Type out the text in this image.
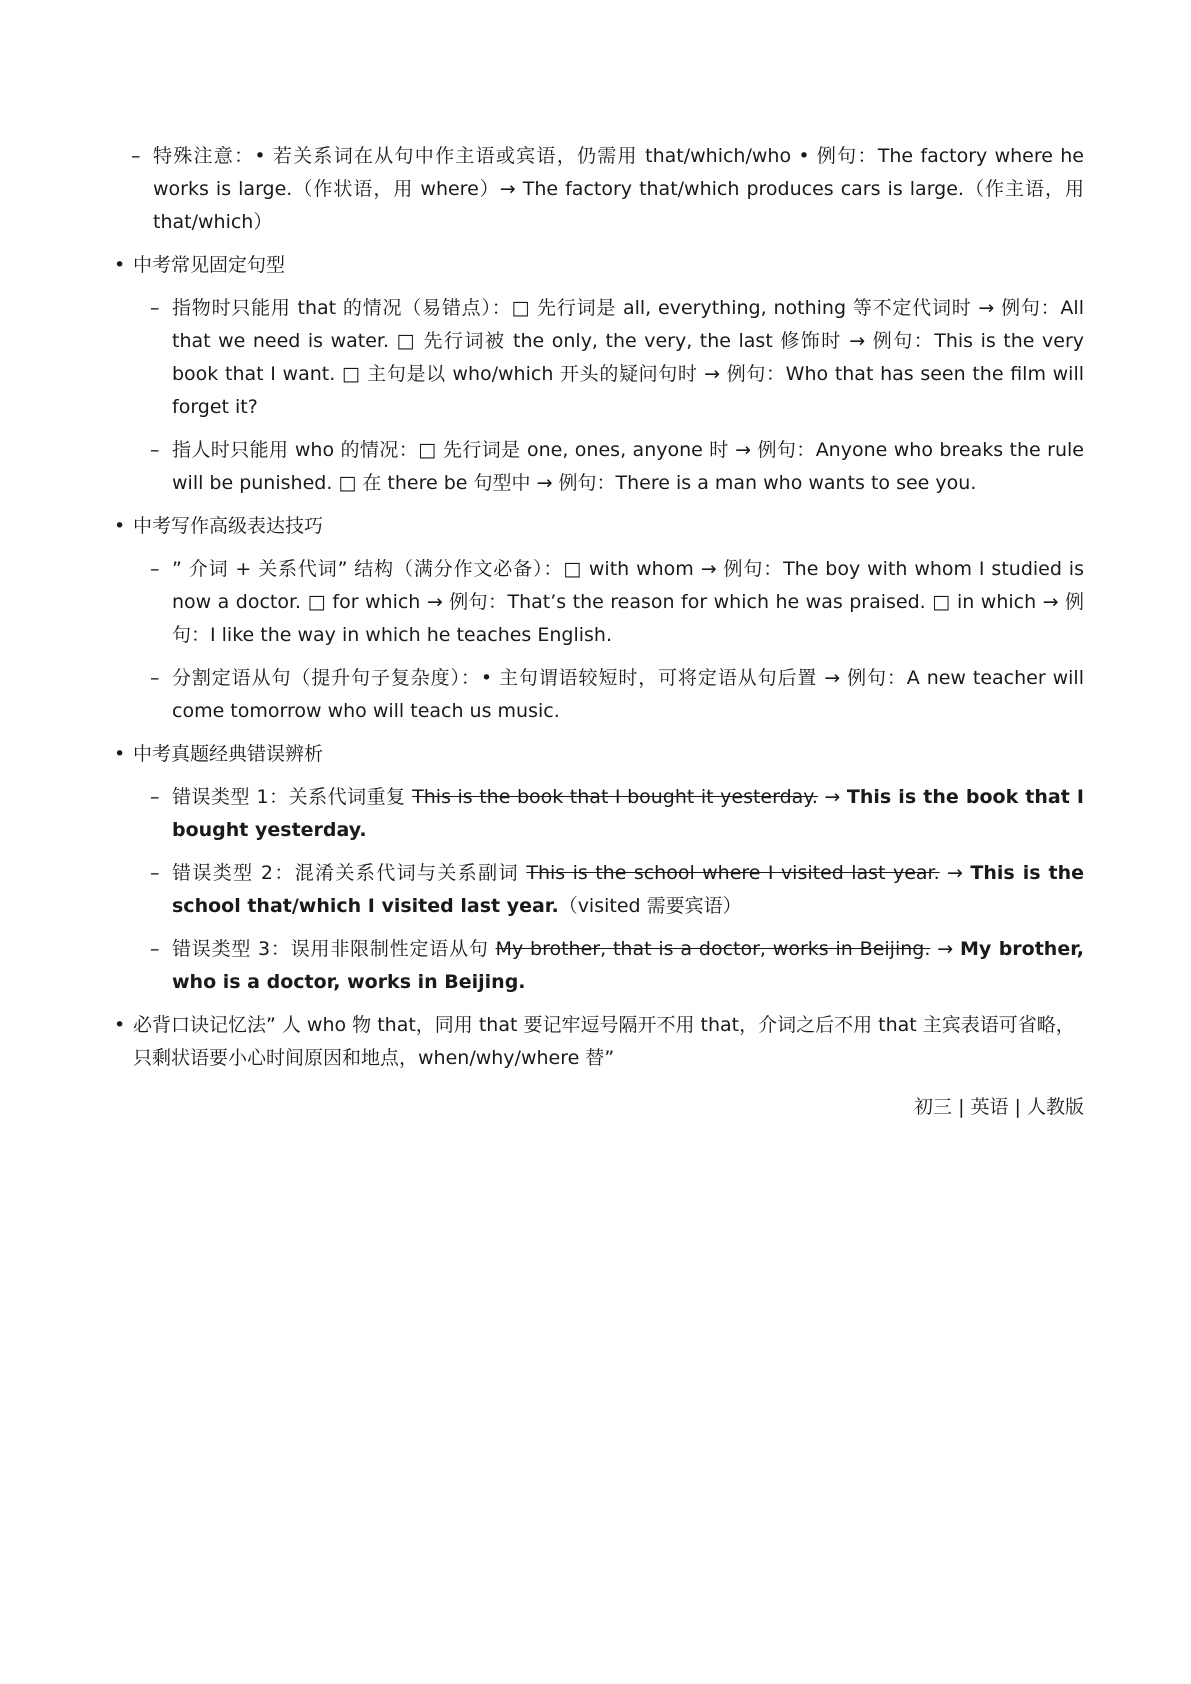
– 特殊注意：• 若关系词在从句中作主语或宾语，仍需用 that/which/who • 例句：The factory where he works is large.（作状语，用 where）→ The factory that/which produces cars is large.（作主语，用 that/which）
• 中考常见固定句型
– 指物时只能用 that 的情况（易错点）：□ 先行词是 all, everything, nothing 等不定代词时 → 例句：All that we need is water. □ 先行词被 the only, the very, the last 修饰时 → 例句：This is the very book that I want. □ 主句是以 who/which 开头的疑问句时 → 例句：Who that has seen the film will forget it?
– 指人时只能用 who 的情况：□ 先行词是 one, ones, anyone 时 → 例句：Anyone who breaks the rule will be punished. □ 在 there be 句型中 → 例句：There is a man who wants to see you.
• 中考写作高级表达技巧
– ” 介词 + 关系代词” 结构（满分作文必备）：□ with whom → 例句：The boy with whom I studied is now a doctor. □ for which → 例句：That’s the reason for which he was praised. □ in which → 例句：I like the way in which he teaches English.
– 分割定语从句（提升句子复杂度）：• 主句谓语较短时，可将定语从句后置 → 例句：A new teacher will come tomorrow who will teach us music.
• 中考真题经典错误辨析
– 错误类型 1：关系代词重复 This is the book that I bought it yesterday. → This is the book that I bought yesterday.
– 错误类型 2：混淆关系代词与关系副词 This is the school where I visited last year. → This is the school that/which I visited last year.（visited 需要宾语）
– 错误类型 3：误用非限制性定语从句 My brother, that is a doctor, works in Beijing. → My brother, who is a doctor, works in Beijing.
• 必背口诀记忆法” 人 who 物 that，同用 that 要记牢逗号隔开不用 that，介词之后不用 that 主宾表语可省略，只剩状语要小心时间原因和地点，when/why/where 替”
初三 | 英语 | 人教版
